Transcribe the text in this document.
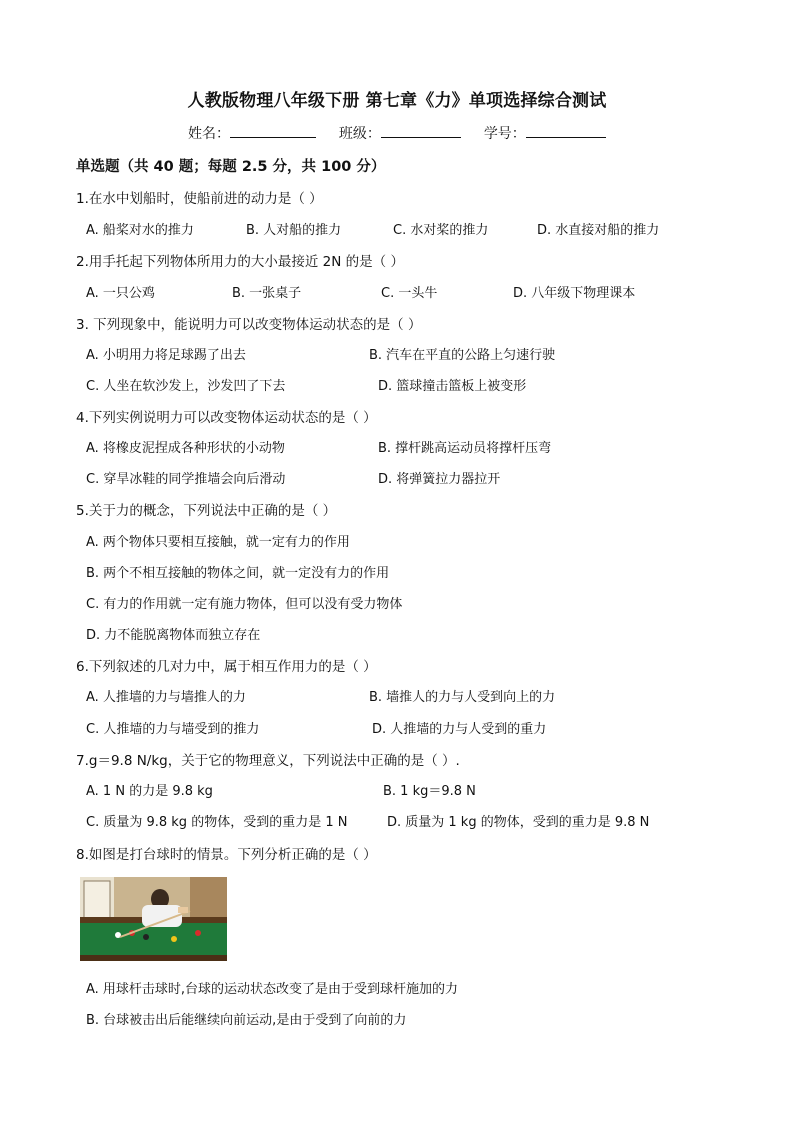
人教版物理八年级下册 第七章《力》单项选择综合测试
姓名：	班级：	学号：
单选题（共 40 题；每题 2.5 分，共 100 分）
1.在水中划船时，使船前进的动力是（ ）
A. 船桨对水的推力	B. 人对船的推力	C. 水对桨的推力	D. 水直接对船的推力
2.用手托起下列物体所用力的大小最接近 2N 的是（ ）
A. 一只公鸡	B. 一张桌子	C. 一头牛	D. 八年级下物理课本
3. 下列现象中，能说明力可以改变物体运动状态的是（ ）
A. 小明用力将足球踢了出去	B. 汽车在平直的公路上匀速行驶
C. 人坐在软沙发上，沙发凹了下去	D. 篮球撞击篮板上被变形
4.下列实例说明力可以改变物体运动状态的是（ ）
A. 将橡皮泥捏成各种形状的小动物	B. 撑杆跳高运动员将撑杆压弯
C. 穿旱冰鞋的同学推墙会向后滑动	D. 将弹簧拉力器拉开
5.关于力的概念，下列说法中正确的是（ ）
A. 两个物体只要相互接触，就一定有力的作用
B. 两个不相互接触的物体之间，就一定没有力的作用
C. 有力的作用就一定有施力物体，但可以没有受力物体
D. 力不能脱离物体而独立存在
6.下列叙述的几对力中，属于相互作用力的是（ ）
A. 人推墙的力与墙推人的力	B. 墙推人的力与人受到向上的力
C. 人推墙的力与墙受到的推力	D. 人推墙的力与人受到的重力
7.g＝9.8 N/kg，关于它的物理意义，下列说法中正确的是（ ）.
A. 1 N 的力是 9.8 kg	B. 1 kg＝9.8 N
C. 质量为 9.8 kg 的物体，受到的重力是 1 N	D. 质量为 1 kg 的物体，受到的重力是 9.8 N
8.如图是打台球时的情景。下列分析正确的是（ ）
A. 用球杆击球时,台球的运动状态改变了是由于受到球杆施加的力
B. 台球被击出后能继续向前运动,是由于受到了向前的力
